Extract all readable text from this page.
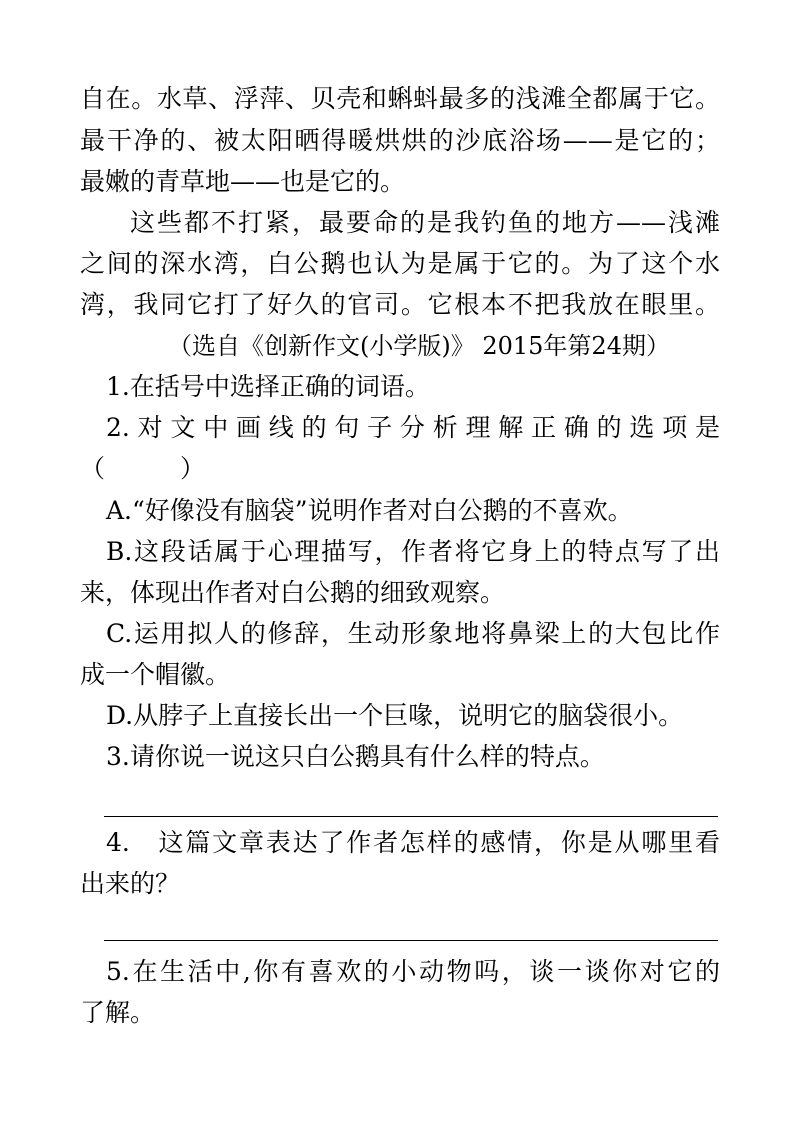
自在。水草、浮萍、贝壳和蝌蚪最多的浅滩全都属于它。
最干净的、被太阳晒得暖烘烘的沙底浴场——是它的；
最嫩的青草地——也是它的。
这些都不打紧，最要命的是我钓鱼的地方——浅滩
之间的深水湾，白公鹅也认为是属于它的。为了这个水
湾，我同它打了好久的官司。它根本不把我放在眼里。
（选自《创新作文(小学版)》 2015年第24期）
1.在括号中选择正确的词语。
2.对文中画线的句子分析理解正确的选项是
（　　　）
A.“好像没有脑袋”说明作者对白公鹅的不喜欢。
B.这段话属于心理描写，作者将它身上的特点写了出
来，体现出作者对白公鹅的细致观察。
C.运用拟人的修辞，生动形象地将鼻梁上的大包比作
成一个帽徽。
D.从脖子上直接长出一个巨喙，说明它的脑袋很小。
3.请你说一说这只白公鹅具有什么样的特点。
4.　这篇文章表达了作者怎样的感情，你是从哪里看
出来的？
5.在生活中,你有喜欢的小动物吗，谈一谈你对它的
了解。
